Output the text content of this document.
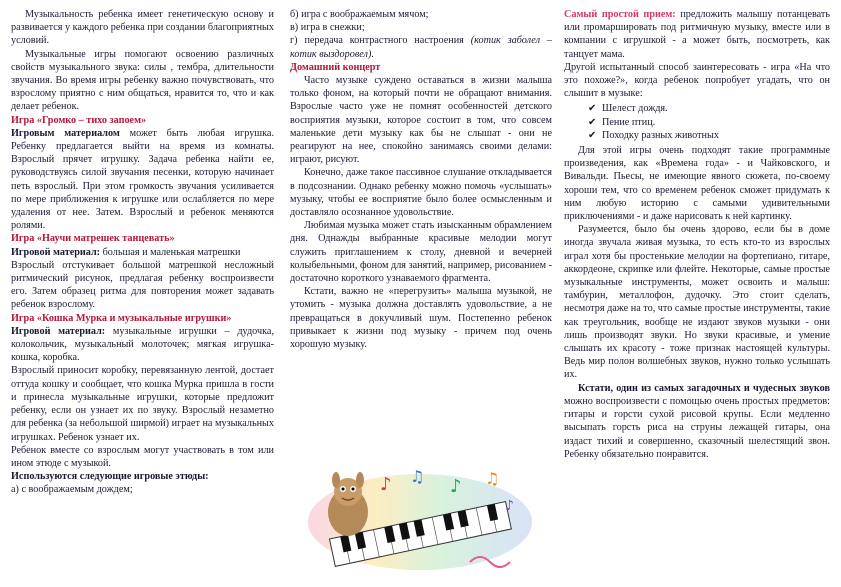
Музыкальность ребенка имеет генетическую основу и развивается у каждого ребенка при создании благоприятных условий.

Музыкальные игры помогают освоению различных свойств музыкального звука: силы , тембра, длительности звучания. Во время игры ребенку важно почувствовать, что взрослому приятно с ним общаться, нравится то, что и как делает ребенок.

Игра «Громко – тихо запоем»

Игровым материалом может быть любая игрушка. Ребенку предлагается выйти на время из комнаты. Взрослый прячет игрушку. Задача ребенка найти ее, руководствуясь силой звучания песенки, которую начинает петь взрослый. При этом громкость звучания усиливается по мере приближения к игрушке или ослабляется по мере удаления от нее. Затем. Взрослый и ребенок меняются ролями.

Игра «Научи матрешек танцевать»

Игровой материал: большая и маленькая матрешки

Взрослый отстукивает большой матрешкой несложный ритмический рисунок, предлагая ребенку воспроизвести его. Затем образец ритма для повторения может задавать ребенок взрослому.

Игра «Кошка Мурка и музыкальные игрушки»

Игровой материал: музыкальные игрушки – дудочка, колокольчик, музыкальный молоточек; мягкая игрушка- кошка, коробка.

Взрослый приносит коробку, перевязанную лентой, достает оттуда кошку и сообщает, что кошка Мурка пришла в гости и принесла музыкальные игрушки, которые предложит ребенку, если он узнает их по звуку. Взрослый незаметно для ребенка (за небольшой ширмой) играет на музыкальных игрушках. Ребенок узнает их.

Ребенок вместе со взрослым могут участвовать в том или ином этюде с музыкой.

Используются следующие игровые этюды:

а) с воображаемым дождем;

б) игра с воображаемым мячом;

в) игра в снежки;

г) передача контрастного настроения (котик заболел – котик выздоровел).

Домашний концерт

Часто музыке суждено оставаться в жизни малыша только фоном, на который почти не обращают внимания. Взрослые часто уже не помнят особенностей детского восприятия музыки, которое состоит в том, что совсем маленькие дети музыку как бы не слышат - они не реагируют на нее, спокойно занимаясь своими делами: играют, рисуют.

Конечно, даже такое пассивное слушание откладывается в подсознании. Однако ребенку можно помочь «услышать» музыку, чтобы ее восприятие было более осмысленным и доставляло осознанное удовольствие.

Любимая музыка может стать изысканным обрамлением дня. Однажды выбранные красивые мелодии могут служить приглашением к столу, дневной и вечерней колыбельными, фоном для занятий, например, рисованием - достаточно короткого узнаваемого фрагмента.

Кстати, важно не «перегрузить» малыша музыкой, не утомить - музыка должна доставлять удовольствие, а не превращаться в докучливый шум. Постепенно ребенок привыкает к жизни под музыку - причем под очень хорошую музыку.

♪ ♫ ♪ ♫
♪

Самый простой прием: предложить малышу потанцевать или промаршировать под ритмичную музыку, вместе или в компании с игрушкой - а может быть, посмотреть, как танцует мама.

Другой испытанный способ заинтересовать - игра «На что это похоже?», когда ребенок попробует угадать, что он слышит в музыке:

✔ Шелест дождя.
✔ Пение птиц.
✔ Походку разных животных

Для этой игры очень подходят такие программные произведения, как «Времена года» - и Чайковского, и Вивальди. Пьесы, не имеющие явного сюжета, по-своему хороши тем, что со временем ребенок сможет придумать к ним любую историю с самыми удивительными приключениями - и даже нарисовать к ней картинку.

Разумеется, было бы очень здорово, если бы в доме иногда звучала живая музыка, то есть кто-то из взрослых играл хотя бы простенькие мелодии на фортепиано, гитаре, аккордеоне, скрипке или флейте. Некоторые, самые простые музыкальные инструменты, может освоить и малыш: тамбурин, металлофон, дудочку. Это стоит сделать, несмотря даже на то, что самые простые инструменты, такие как треугольник, вообще не издают звуков музыки - они лишь производят звуки. Но звуки красивые, и умение слышать их красоту - тоже признак настоящей культуры. Ведь мир полон волшебных звуков, нужно только услышать их.

Кстати, один из самых загадочных и чудесных звуков можно воспроизвести с помощью очень простых предметов: гитары и горсти сухой рисовой крупы. Если медленно высыпать горсть риса на струны лежащей гитары, она издаст тихий и совершенно, сказочный шелестящий звон. Ребенку обязательно понравится.
